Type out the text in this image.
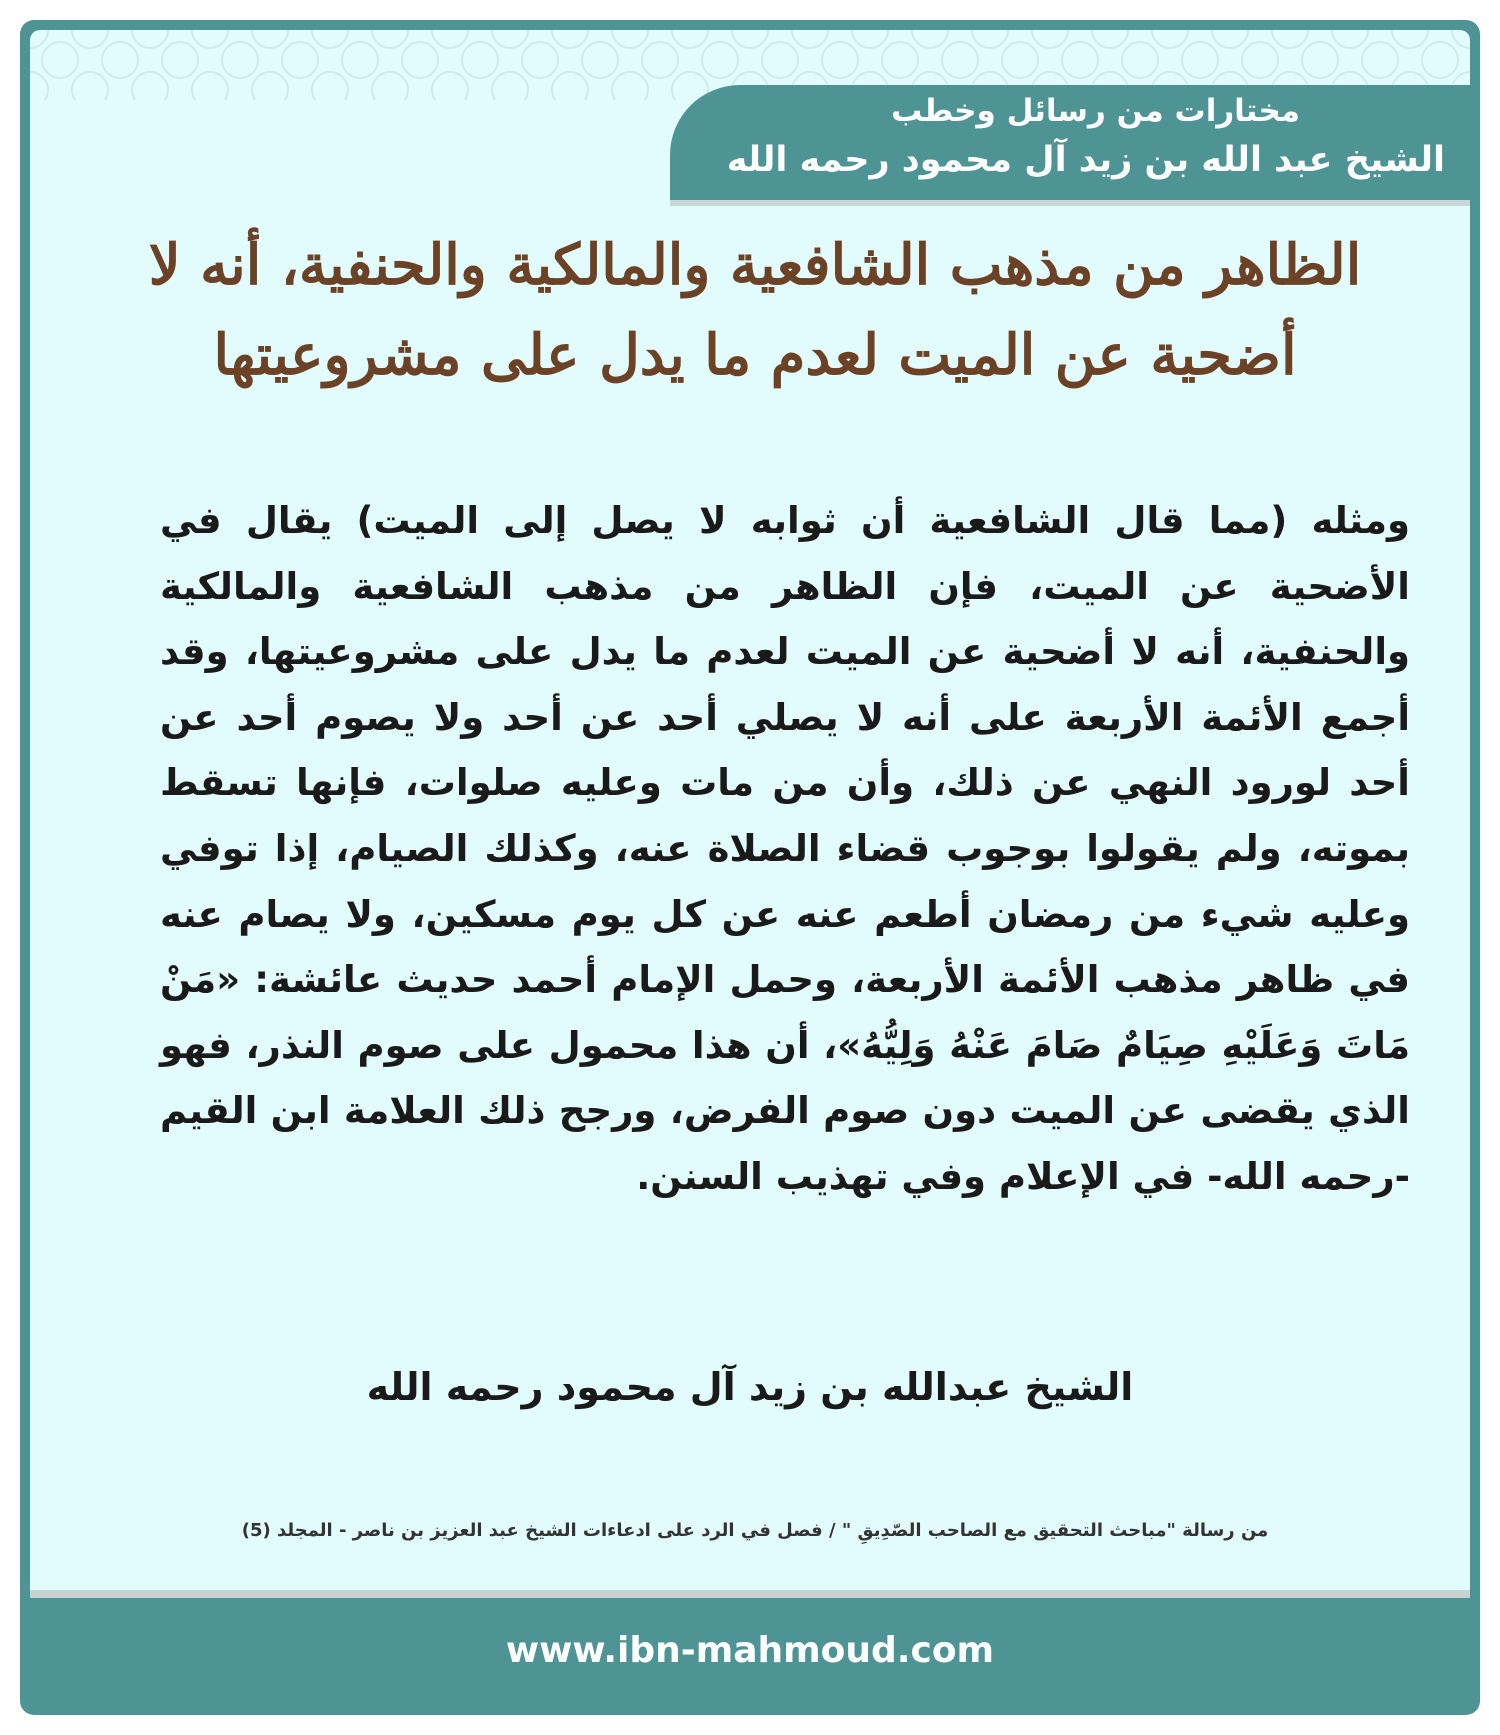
مختارات من رسائل وخطب
الشيخ عبد الله بن زيد آل محمود رحمه الله
الظاهر من مذهب الشافعية والمالكية والحنفية، أنه لا أضحية عن الميت لعدم ما يدل على مشروعيتها

ومثله (مما قال الشافعية أن ثوابه لا يصل إلى الميت) يقال في الأضحية عن الميت، فإن الظاهر من مذهب الشافعية والمالكية والحنفية، أنه لا أضحية عن الميت لعدم ما يدل على مشروعيتها، وقد أجمع الأئمة الأربعة على أنه لا يصلي أحد عن أحد ولا يصوم أحد عن أحد لورود النهي عن ذلك، وأن من مات وعليه صلوات، فإنها تسقط بموته، ولم يقولوا بوجوب قضاء الصلاة عنه، وكذلك الصيام، إذا توفي وعليه شيء من رمضان أطعم عنه عن كل يوم مسكين، ولا يصام عنه في ظاهر مذهب الأئمة الأربعة، وحمل الإمام أحمد حديث عائشة: «مَنْ مَاتَ وَعَلَيْهِ صِيَامٌ صَامَ عَنْهُ وَلِيُّهُ»، أن هذا محمول على صوم النذر، فهو الذي يقضى عن الميت دون صوم الفرض، ورجح ذلك العلامة ابن القيم -رحمه الله- في الإعلام وفي تهذيب السنن.

الشيخ عبدالله بن زيد آل محمود رحمه الله
من رسالة "مباحث التحقيق مع الصاحب الصّدِيقِ " / فصل في الرد على ادعاءات الشيخ عبد العزيز بن ناصر - المجلد (5)
www.ibn-mahmoud.com
